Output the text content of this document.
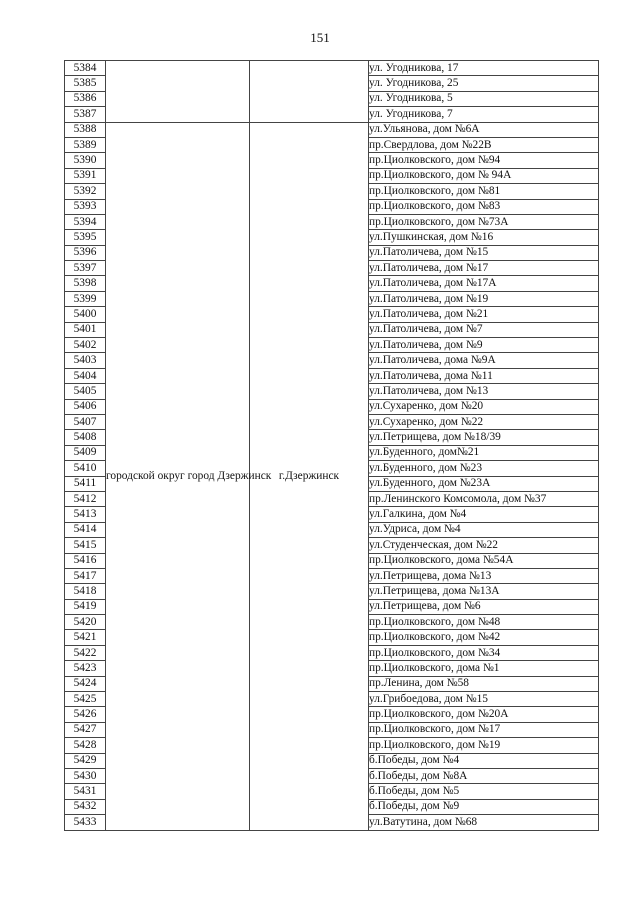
151
5384			ул. Угодникова, 17
5385			ул. Угодникова, 25
5386			ул. Угодникова, 5
5387			ул. Угодникова, 7
5388	городской округ город Дзержинск	г.Дзержинск	ул.Ульянова, дом №6А
5389			пр.Свердлова, дом №22В
5390			пр.Циолковского, дом №94
5391			пр.Циолковского, дом № 94А
5392			пр.Циолковского, дом №81
5393			пр.Циолковского, дом №83
5394			пр.Циолковского, дом №73А
5395			ул.Пушкинская, дом №16
5396			ул.Патоличева, дом №15
5397			ул.Патоличева, дом №17
5398			ул.Патоличева, дом №17А
5399			ул.Патоличева, дом №19
5400			ул.Патоличева, дом №21
5401			ул.Патоличева, дом №7
5402			ул.Патоличева, дом №9
5403			ул.Патоличева, дома №9А
5404			ул.Патоличева, дома №11
5405			ул.Патоличева, дом №13
5406			ул.Сухаренко, дом №20
5407			ул.Сухаренко, дом №22
5408			ул.Петрищева, дом №18/39
5409			ул.Буденного, дом№21
5410			ул.Буденного, дом №23
5411			ул.Буденного, дом №23А
5412			пр.Ленинского Комсомола, дом №37
5413			ул.Галкина, дом №4
5414			ул.Удриса, дом №4
5415			ул.Студенческая, дом №22
5416			пр.Циолковского, дома №54А
5417			ул.Петрищева, дома №13
5418			ул.Петрищева, дома №13А
5419			ул.Петрищева, дом №6
5420			пр.Циолковского, дом №48
5421			пр.Циолковского, дом №42
5422			пр.Циолковского, дом №34
5423			пр.Циолковского, дома №1
5424			пр.Ленина, дом №58
5425			ул.Грибоедова, дом №15
5426			пр.Циолковского, дом №20А
5427			пр.Циолковского, дом №17
5428			пр.Циолковского, дом №19
5429			б.Победы, дом №4
5430			б.Победы, дом №8А
5431			б.Победы, дом №5
5432			б.Победы, дом №9
5433			ул.Ватутина, дом №68
